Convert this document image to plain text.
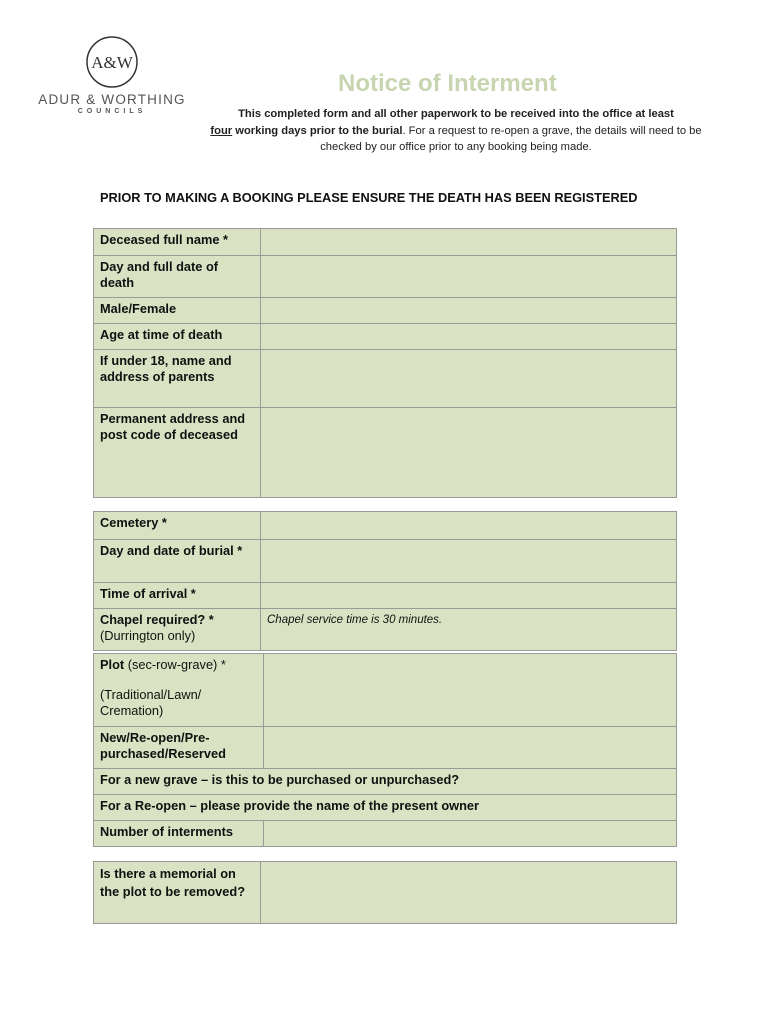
A&W
ADUR & WORTHING
COUNCILS
Notice of Interment
This completed form and all other paperwork to be received into the office at least
four working days prior to the burial. For a request to re-open a grave, the details will need to be checked by our office prior to any booking being made.
PRIOR TO MAKING A BOOKING PLEASE ENSURE THE DEATH HAS BEEN REGISTERED
Deceased full name *	
Day and full date of death	
Male/Female	
Age at time of death	
If under 18, name and address of parents	
Permanent address and post code of deceased	
Cemetery *	
Day and date of burial *	
Time of arrival *	
Chapel required? *
(Durrington only)	Chapel service time is 30 minutes.
Plot (sec-row-grave) *
(Traditional/Lawn/ Cremation)	

New/Re-open/Pre-purchased/Reserved	
For a new grave – is this to be purchased or unpurchased?	
For a Re-open – please provide the name of the present owner	
Number of interments	
Is there a memorial on the plot to be removed?	
